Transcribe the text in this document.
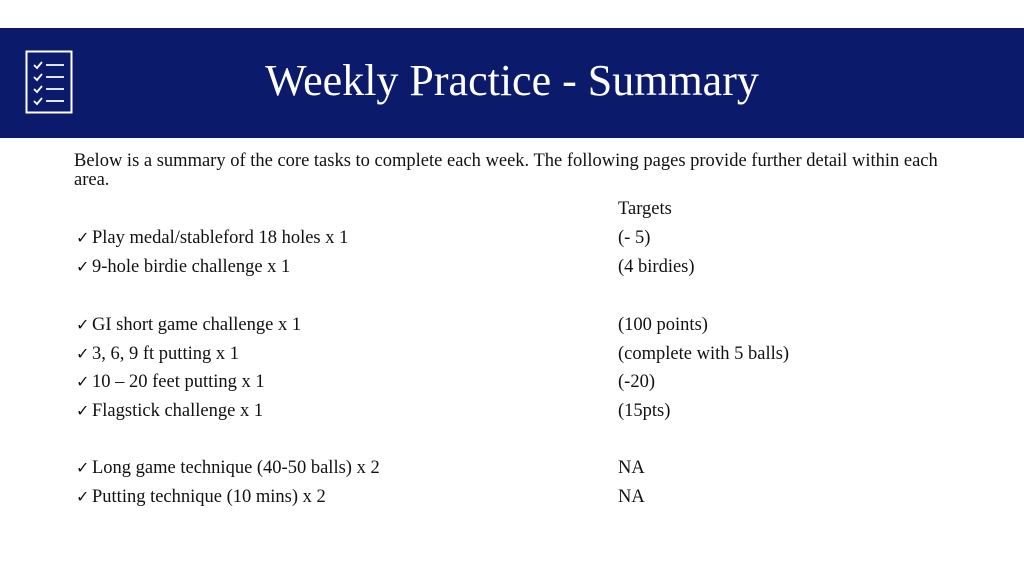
Weekly Practice - Summary
Below is a summary of the core tasks to complete each week. The following pages provide further detail within each area.
Targets
✓ Play medal/stableford 18 holes x 1	(- 5)
✓ 9-hole birdie challenge x 1	(4 birdies)
✓ GI short game challenge x 1	(100 points)
✓ 3, 6, 9 ft putting x 1	(complete with 5 balls)
✓ 10 – 20 feet putting x 1	(-20)
✓ Flagstick challenge x 1	(15pts)
✓ Long game technique (40-50 balls) x 2	NA
✓ Putting technique (10 mins) x 2	NA
